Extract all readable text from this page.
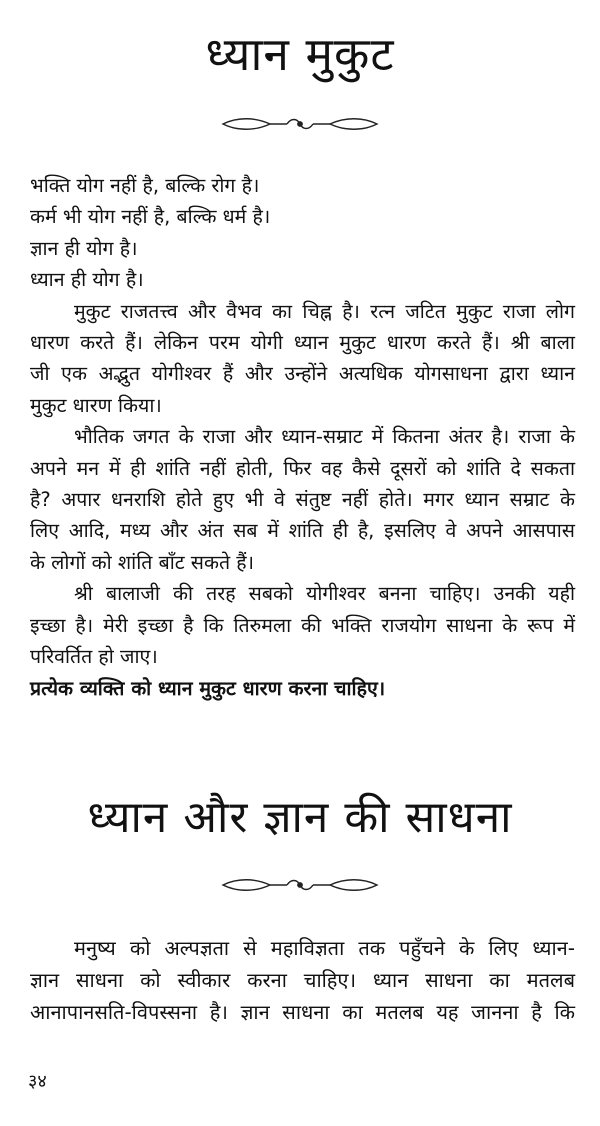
ध्यान मुकुट
भक्ति योग नहीं है, बल्कि रोग है।
कर्म भी योग नहीं है, बल्कि धर्म है।
ज्ञान ही योग है।
ध्यान ही योग है।
मुकुट राजतत्त्व और वैभव का चिह्न है। रत्न जटित मुकुट राजा लोग
धारण करते हैं। लेकिन परम योगी ध्यान मुकुट धारण करते हैं। श्री बाला
जी एक अद्भुत योगीश्वर हैं और उन्होंने अत्यधिक योगसाधना द्वारा ध्यान
मुकुट धारण किया।
भौतिक जगत के राजा और ध्यान-सम्राट में कितना अंतर है। राजा के
अपने मन में ही शांति नहीं होती, फिर वह कैसे दूसरों को शांति दे सकता
है? अपार धनराशि होते हुए भी वे संतुष्ट नहीं होते। मगर ध्यान सम्राट के
लिए आदि, मध्य और अंत सब में शांति ही है, इसलिए वे अपने आसपास
के लोगों को शांति बाँट सकते हैं।
श्री बालाजी की तरह सबको योगीश्वर बनना चाहिए। उनकी यही
इच्छा है। मेरी इच्छा है कि तिरुमला की भक्ति राजयोग साधना के रूप में
परिवर्तित हो जाए।
प्रत्येक व्यक्ति को ध्यान मुकुट धारण करना चाहिए।
ध्यान और ज्ञान की साधना
मनुष्य को अल्पज्ञता से महाविज्ञता तक पहुँचने के लिए ध्यान-
ज्ञान साधना को स्वीकार करना चाहिए। ध्यान साधना का मतलब
आनापानसति-विपस्सना है। ज्ञान साधना का मतलब यह जानना है कि
३४
